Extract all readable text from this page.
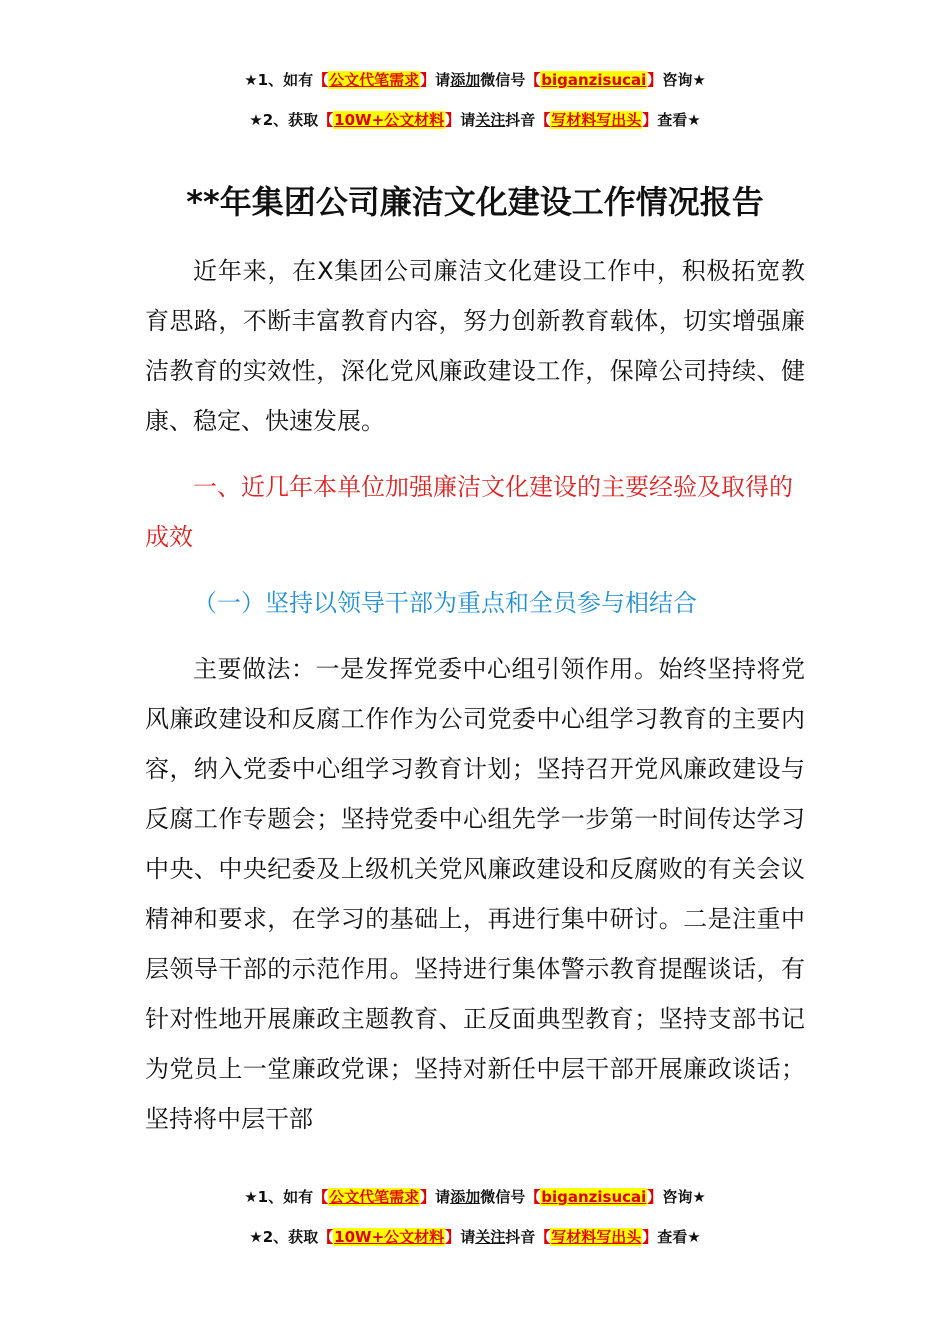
★1、如有【公文代笔需求】请添加微信号【biganzisucai】咨询★
★2、获取【10W+公文材料】请关注抖音【写材料写出头】查看★
**年集团公司廉洁文化建设工作情况报告

近年来，在X集团公司廉洁文化建设工作中，积极拓宽教育思路，不断丰富教育内容，努力创新教育载体，切实增强廉洁教育的实效性，深化党风廉政建设工作，保障公司持续、健康、稳定、快速发展。

一、近几年本单位加强廉洁文化建设的主要经验及取得的成效

（一）坚持以领导干部为重点和全员参与相结合

主要做法：一是发挥党委中心组引领作用。始终坚持将党风廉政建设和反腐工作作为公司党委中心组学习教育的主要内容，纳入党委中心组学习教育计划；坚持召开党风廉政建设与反腐工作专题会；坚持党委中心组先学一步第一时间传达学习中央、中央纪委及上级机关党风廉政建设和反腐败的有关会议精神和要求，在学习的基础上，再进行集中研讨。二是注重中层领导干部的示范作用。坚持进行集体警示教育提醒谈话，有针对性地开展廉政主题教育、正反面典型教育；坚持支部书记为党员上一堂廉政党课；坚持对新任中层干部开展廉政谈话；坚持将中层干部

★1、如有【公文代笔需求】请添加微信号【biganzisucai】咨询★
★2、获取【10W+公文材料】请关注抖音【写材料写出头】查看★
